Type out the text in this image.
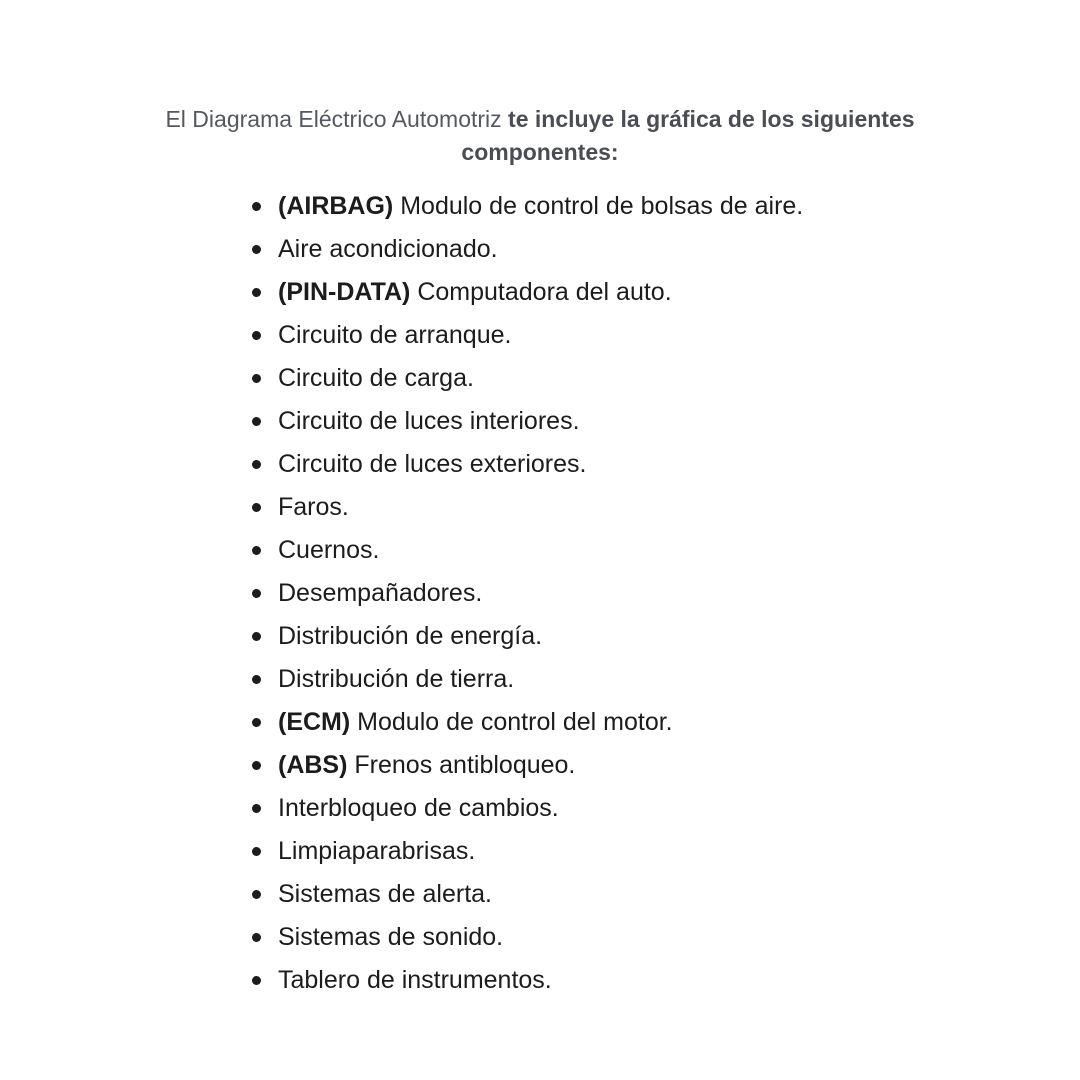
El Diagrama Eléctrico Automotriz te incluye la gráfica de los siguientes componentes:

(AIRBAG) Modulo de control de bolsas de aire.
Aire acondicionado.
(PIN-DATA) Computadora del auto.
Circuito de arranque.
Circuito de carga.
Circuito de luces interiores.
Circuito de luces exteriores.
Faros.
Cuernos.
Desempañadores.
Distribución de energía.
Distribución de tierra.
(ECM) Modulo de control del motor.
(ABS) Frenos antibloqueo.
Interbloqueo de cambios.
Limpiaparabrisas.
Sistemas de alerta.
Sistemas de sonido.
Tablero de instrumentos.
